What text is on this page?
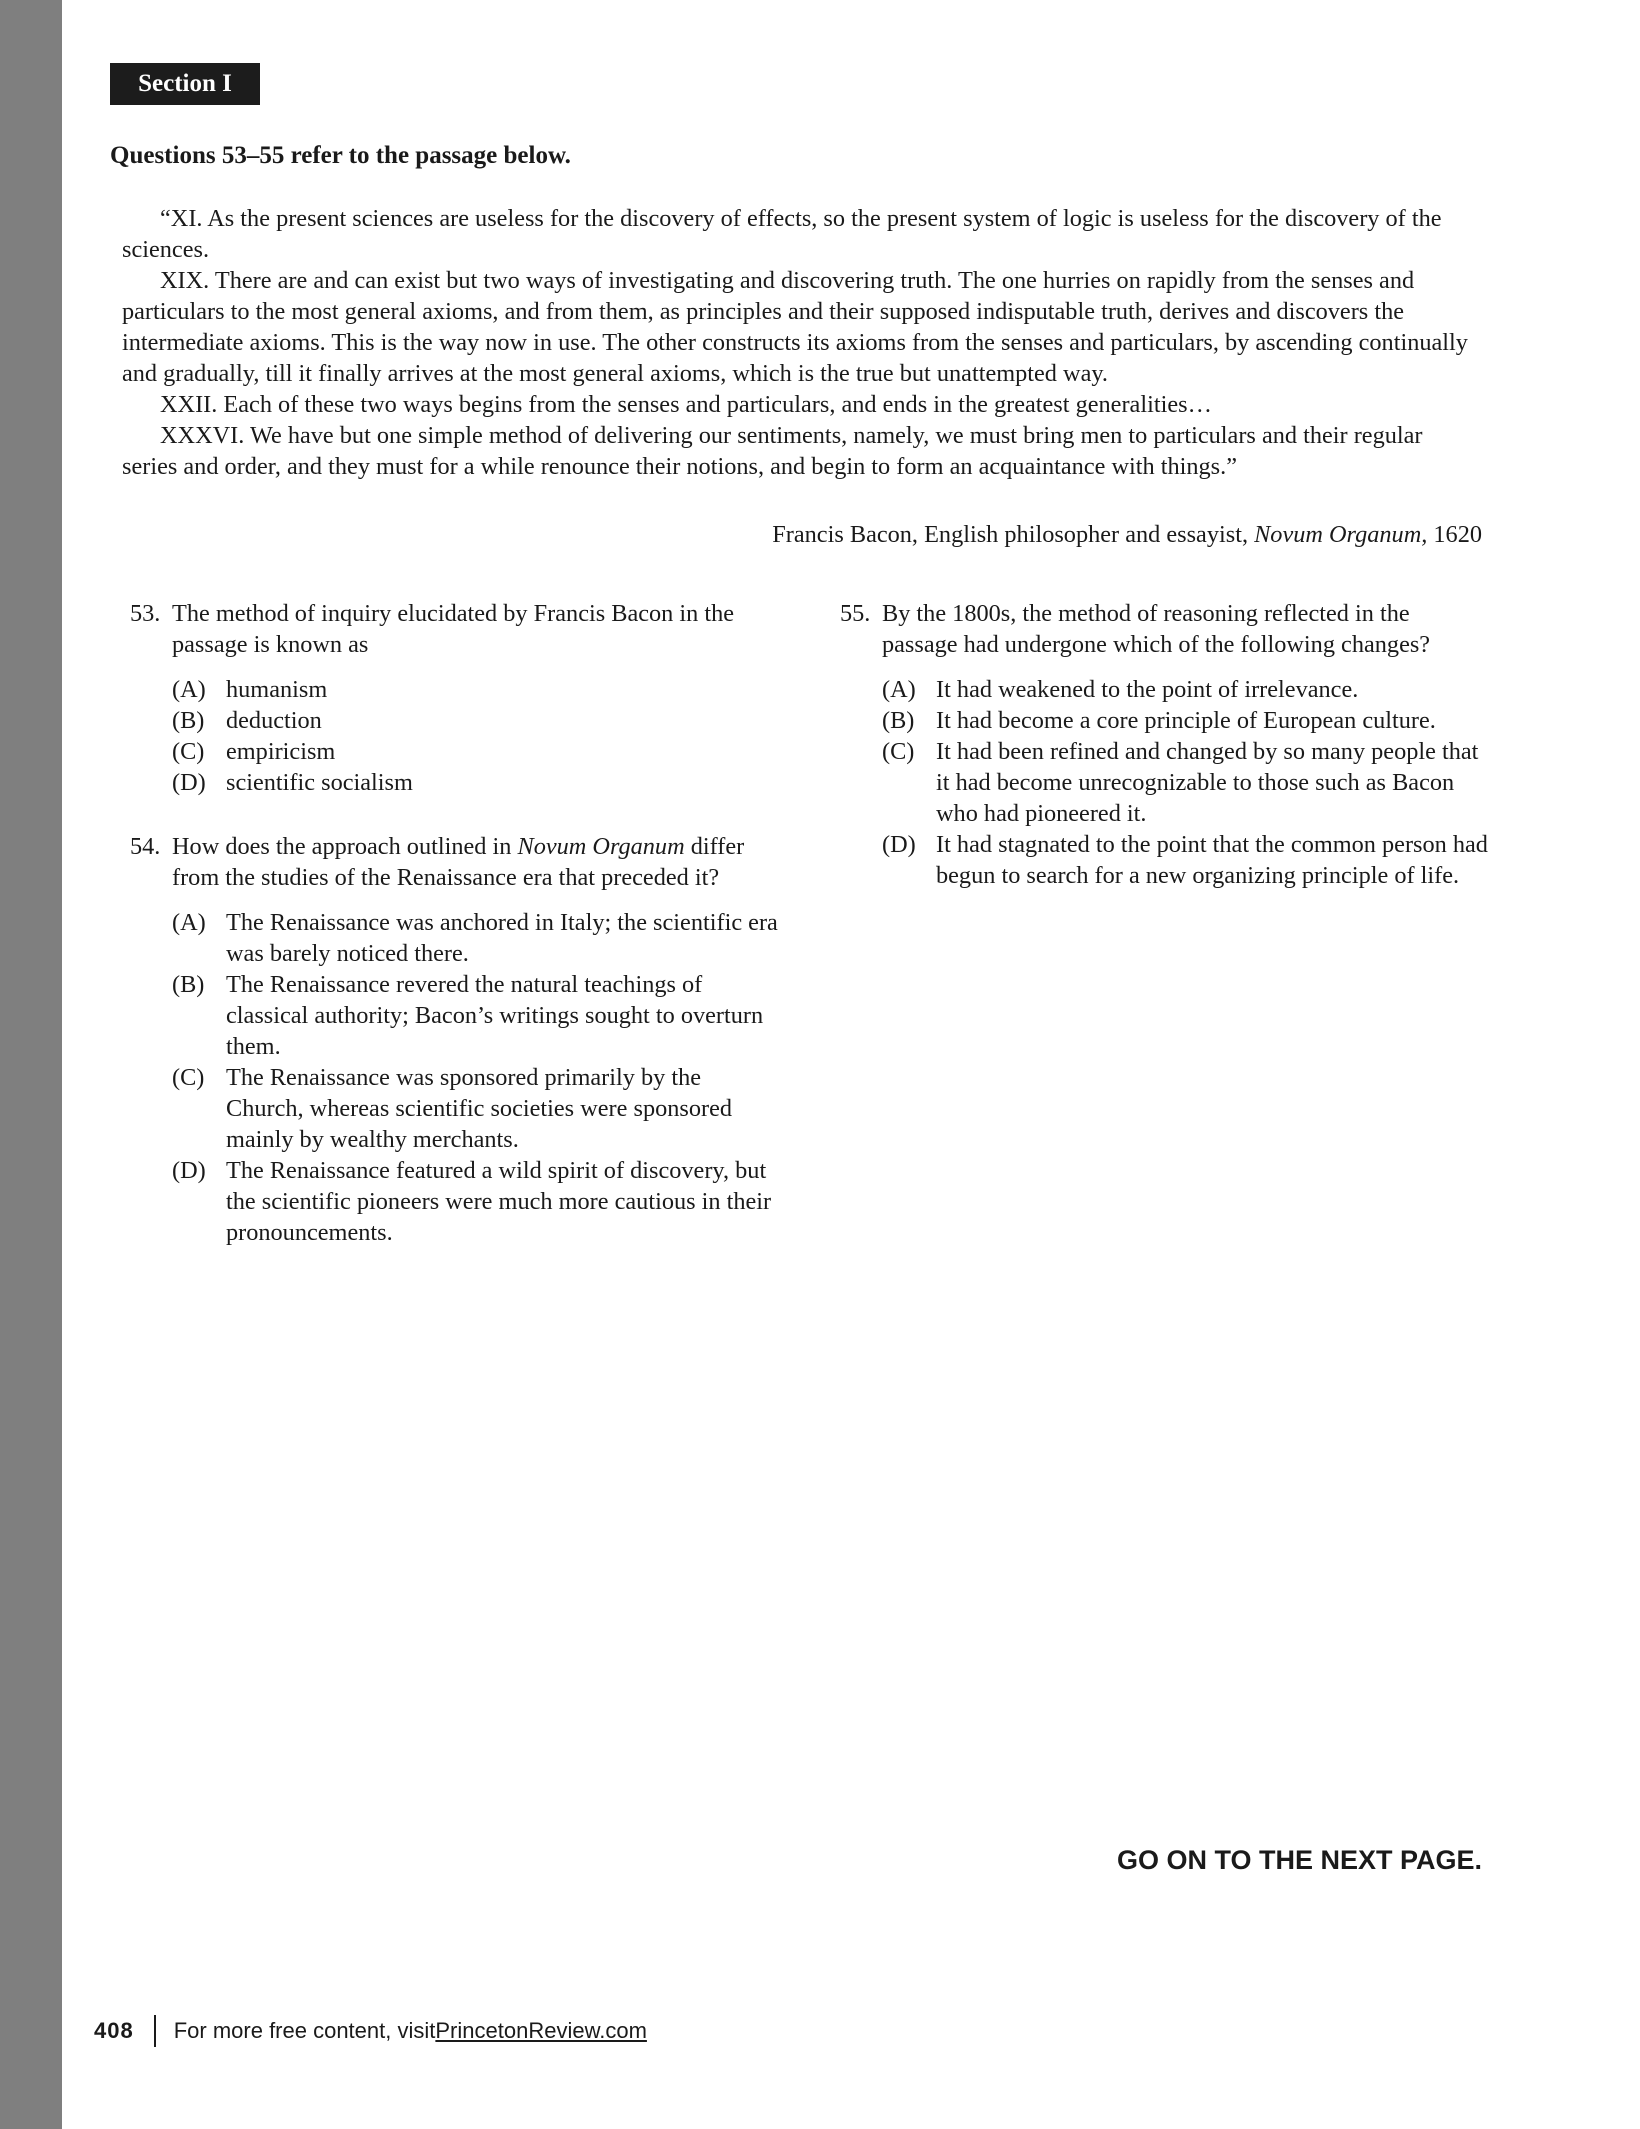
Section I
Questions 53–55 refer to the passage below.

“XI. As the present sciences are useless for the discovery of effects, so the present system of logic is useless for the discovery of the sciences.

XIX. There are and can exist but two ways of investigating and discovering truth. The one hurries on rapidly from the senses and particulars to the most general axioms, and from them, as principles and their supposed indisputable truth, derives and discovers the intermediate axioms. This is the way now in use. The other constructs its axioms from the senses and particulars, by ascending continually and gradually, till it finally arrives at the most general axioms, which is the true but unattempted way.

XXII. Each of these two ways begins from the senses and particulars, and ends in the greatest generalities…

XXXVI. We have but one simple method of delivering our sentiments, namely, we must bring men to particulars and their regular series and order, and they must for a while renounce their notions, and begin to form an acquaintance with things.”

Francis Bacon, English philosopher and essayist, Novum Organum, 1620
53. The method of inquiry elucidated by Francis Bacon in the passage is known as
(A) humanism
(B) deduction
(C) empiricism
(D) scientific socialism
54. How does the approach outlined in Novum Organum differ from the studies of the Renaissance era that preceded it?
(A) The Renaissance was anchored in Italy; the scientific era was barely noticed there.
(B) The Renaissance revered the natural teachings of classical authority; Bacon’s writings sought to overturn them.
(C) The Renaissance was sponsored primarily by the Church, whereas scientific societies were sponsored mainly by wealthy merchants.
(D) The Renaissance featured a wild spirit of discovery, but the scientific pioneers were much more cautious in their pronouncements.
55. By the 1800s, the method of reasoning reflected in the passage had undergone which of the following changes?
(A) It had weakened to the point of irrelevance.
(B) It had become a core principle of European culture.
(C) It had been refined and changed by so many people that it had become unrecognizable to those such as Bacon who had pioneered it.
(D) It had stagnated to the point that the common person had begun to search for a new organizing principle of life.
GO ON TO THE NEXT PAGE.
408 For more free content, visit PrincetonReview.com
